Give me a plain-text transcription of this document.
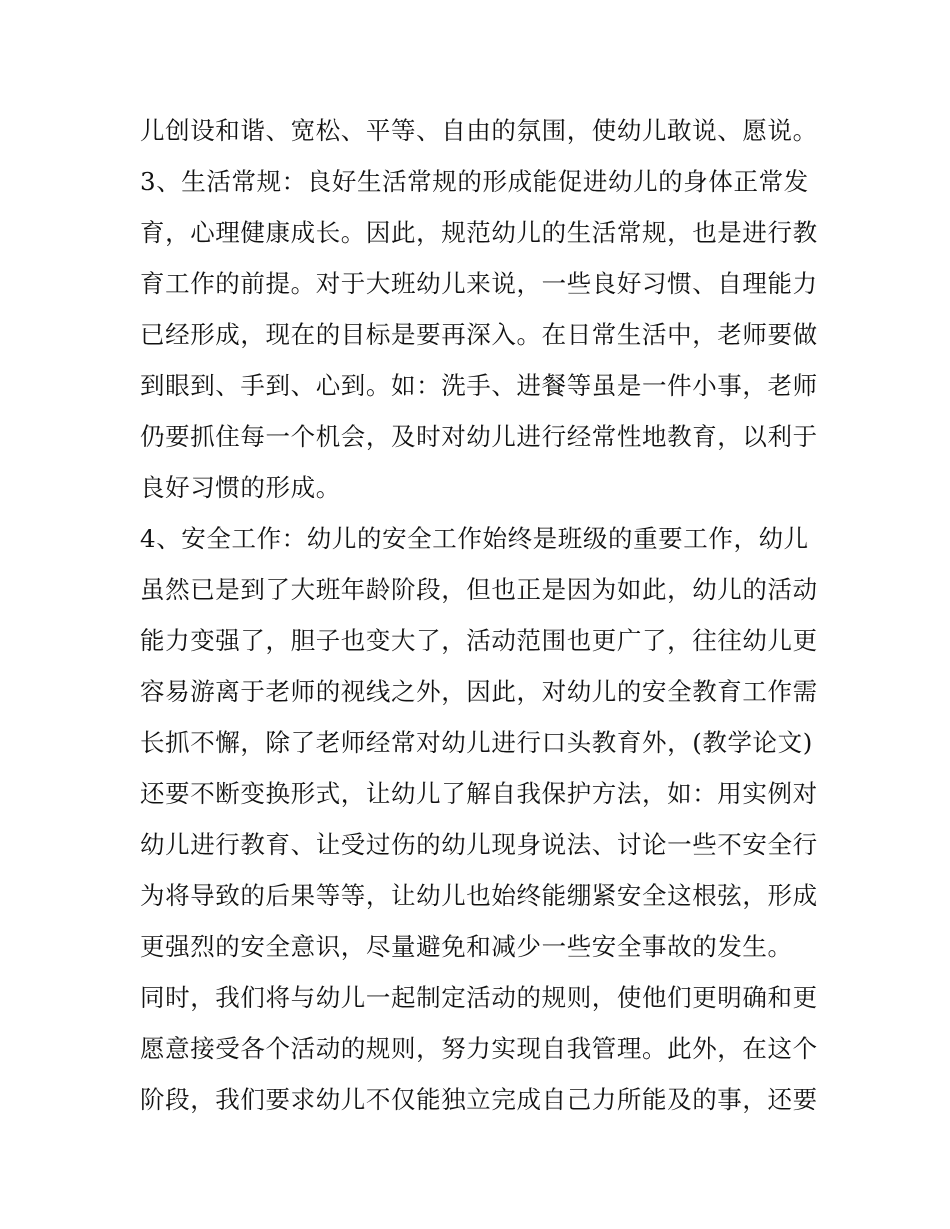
儿创设和谐、宽松、平等、自由的氛围，使幼儿敢说、愿说。
3、生活常规：良好生活常规的形成能促进幼儿的身体正常发
育，心理健康成长。因此，规范幼儿的生活常规，也是进行教
育工作的前提。对于大班幼儿来说，一些良好习惯、自理能力
已经形成，现在的目标是要再深入。在日常生活中，老师要做
到眼到、手到、心到。如：洗手、进餐等虽是一件小事，老师
仍要抓住每一个机会，及时对幼儿进行经常性地教育，以利于
良好习惯的形成。
4、安全工作：幼儿的安全工作始终是班级的重要工作，幼儿
虽然已是到了大班年龄阶段，但也正是因为如此，幼儿的活动
能力变强了，胆子也变大了，活动范围也更广了，往往幼儿更
容易游离于老师的视线之外，因此，对幼儿的安全教育工作需
长抓不懈，除了老师经常对幼儿进行口头教育外，(教学论文)
还要不断变换形式，让幼儿了解自我保护方法，如：用实例对
幼儿进行教育、让受过伤的幼儿现身说法、讨论一些不安全行
为将导致的后果等等，让幼儿也始终能绷紧安全这根弦，形成
更强烈的安全意识，尽量避免和减少一些安全事故的发生。
同时，我们将与幼儿一起制定活动的规则，使他们更明确和更
愿意接受各个活动的规则，努力实现自我管理。此外，在这个
阶段，我们要求幼儿不仅能独立完成自己力所能及的事，还要
